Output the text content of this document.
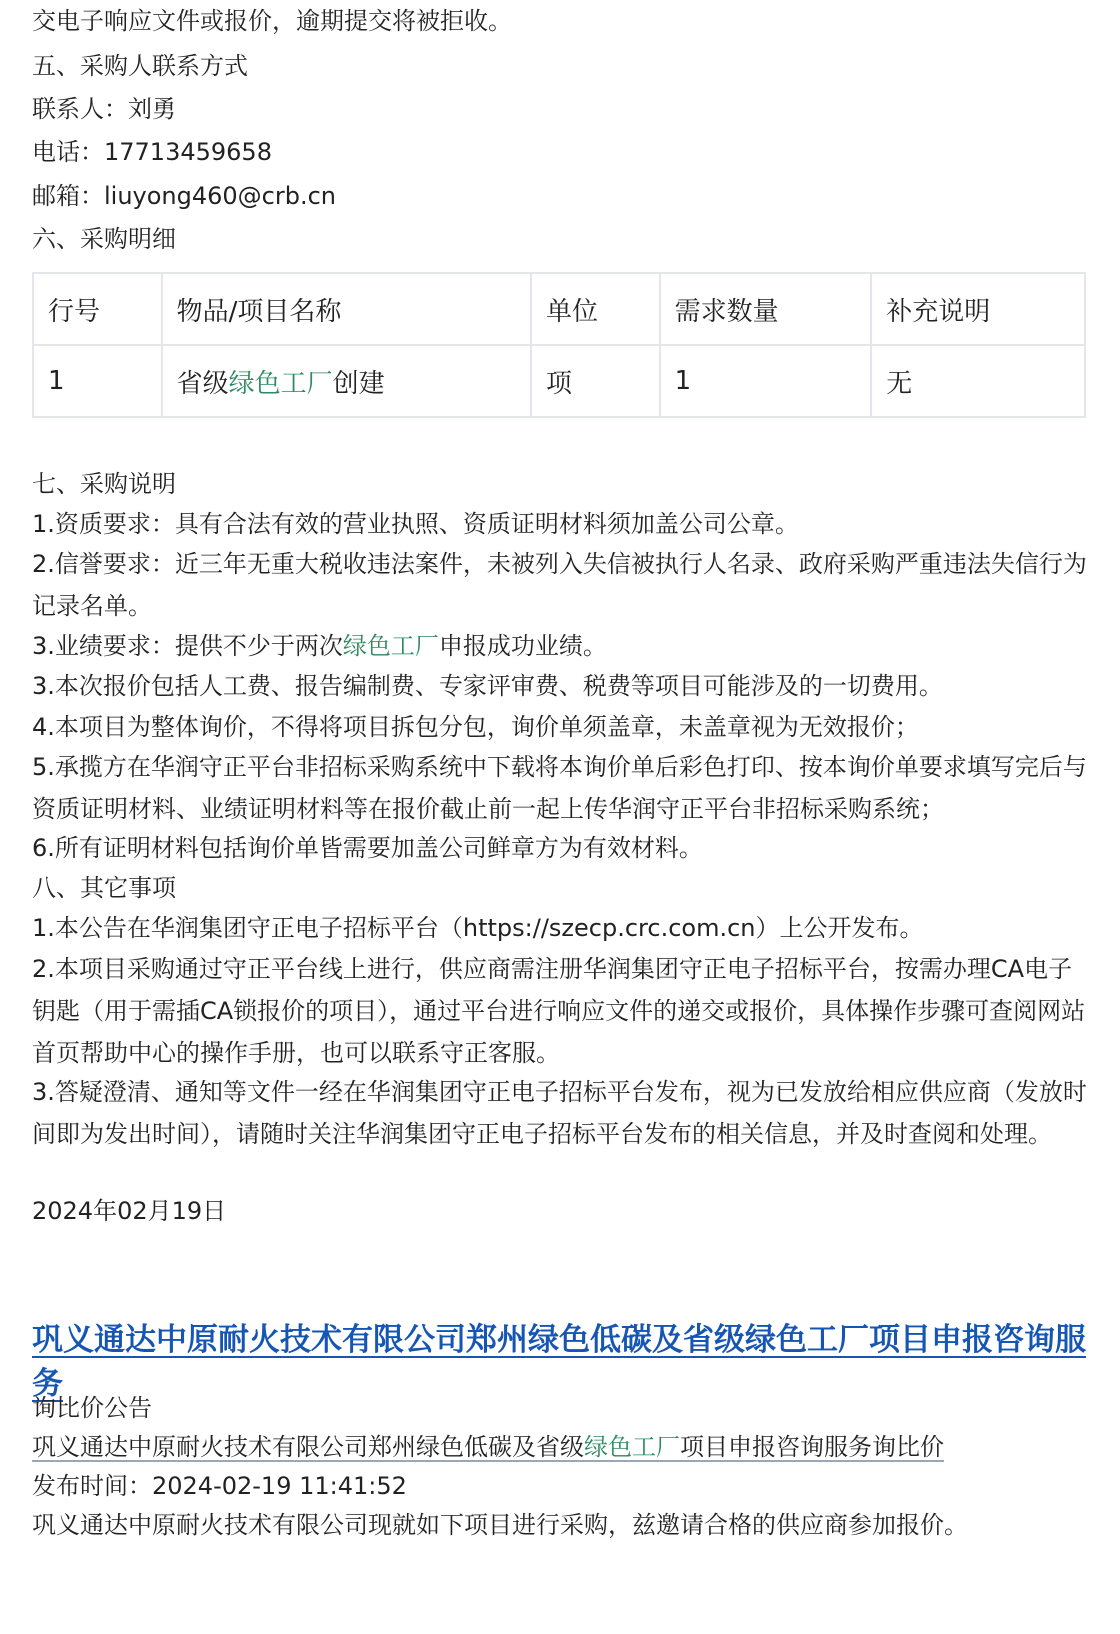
交电子响应文件或报价，逾期提交将被拒收。
五、采购人联系方式
联系人：刘勇
电话：17713459658
邮箱：liuyong460@crb.cn
六、采购明细
行号	物品/项目名称	单位	需求数量	补充说明
1	省级绿色工厂创建	项	1	无
七、采购说明
1.资质要求：具有合法有效的营业执照、资质证明材料须加盖公司公章。
2.信誉要求：近三年无重大税收违法案件，未被列入失信被执行人名录、政府采购严重违法失信行为记录名单。
3.业绩要求：提供不少于两次绿色工厂申报成功业绩。
3.本次报价包括人工费、报告编制费、专家评审费、税费等项目可能涉及的一切费用。
4.本项目为整体询价，不得将项目拆包分包，询价单须盖章，未盖章视为无效报价；
5.承揽方在华润守正平台非招标采购系统中下载将本询价单后彩色打印、按本询价单要求填写完后与资质证明材料、业绩证明材料等在报价截止前一起上传华润守正平台非招标采购系统；
6.所有证明材料包括询价单皆需要加盖公司鲜章方为有效材料。
八、其它事项
1.本公告在华润集团守正电子招标平台（https://szecp.crc.com.cn）上公开发布。
2.本项目采购通过守正平台线上进行，供应商需注册华润集团守正电子招标平台，按需办理CA电子钥匙（用于需插CA锁报价的项目），通过平台进行响应文件的递交或报价，具体操作步骤可查阅网站首页帮助中心的操作手册，也可以联系守正客服。
3.答疑澄清、通知等文件一经在华润集团守正电子招标平台发布，视为已发放给相应供应商（发放时间即为发出时间），请随时关注华润集团守正电子招标平台发布的相关信息，并及时查阅和处理。
2024年02月19日
巩义通达中原耐火技术有限公司郑州绿色低碳及省级绿色工厂项目申报咨询服务
询比价公告
巩义通达中原耐火技术有限公司郑州绿色低碳及省级绿色工厂项目申报咨询服务询比价
发布时间：2024-02-19 11:41:52
巩义通达中原耐火技术有限公司现就如下项目进行采购，兹邀请合格的供应商参加报价。
